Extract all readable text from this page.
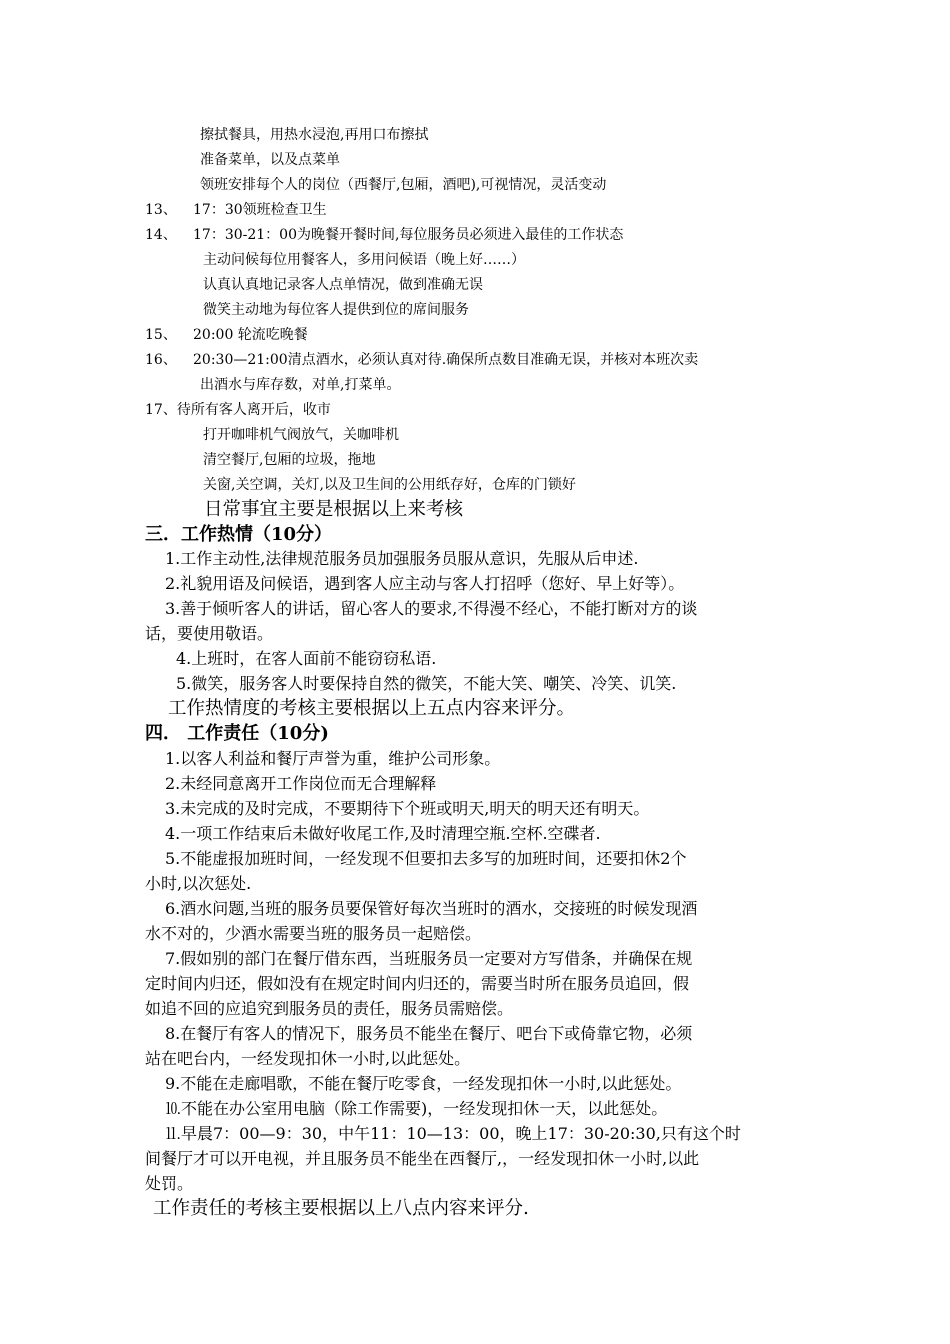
擦拭餐具，用热水浸泡,再用口布擦拭
准备菜单，以及点菜单
领班安排每个人的岗位（西餐厅,包厢，酒吧),可视情况，灵活变动
13、 17：30领班检查卫生
14、 17：30-21：00为晚餐开餐时间,每位服务员必须进入最佳的工作状态
主动问候每位用餐客人，多用问候语（晚上好……）
认真认真地记录客人点单情况，做到准确无误
微笑主动地为每位客人提供到位的席间服务
15、 20:00 轮流吃晚餐
16、 20:30—21:00清点酒水，必须认真对待.确保所点数目准确无误，并核对本班次卖
出酒水与库存数，对单,打菜单。
17、待所有客人离开后，收市
打开咖啡机气阀放气，关咖啡机
清空餐厅,包厢的垃圾，拖地
关窗,关空调，关灯,以及卫生间的公用纸存好，仓库的门锁好
日常事宜主要是根据以上来考核
三．工作热情（10分）
1.工作主动性,法律规范服务员加强服务员服从意识，先服从后申述.
2.礼貌用语及问候语，遇到客人应主动与客人打招呼（您好、早上好等）。
3.善于倾听客人的讲话，留心客人的要求,不得漫不经心，不能打断对方的谈
话，要使用敬语。
4.上班时，在客人面前不能窃窃私语.
5.微笑，服务客人时要保持自然的微笑，不能大笑、嘲笑、冷笑、讥笑.
工作热情度的考核主要根据以上五点内容来评分。
四． 工作责任（10分)
1.以客人利益和餐厅声誉为重，维护公司形象。
2.未经同意离开工作岗位而无合理解释
3.未完成的及时完成，不要期待下个班或明天,明天的明天还有明天。
4.一项工作结束后未做好收尾工作,及时清理空瓶.空杯.空碟者.
5.不能虚报加班时间，一经发现不但要扣去多写的加班时间，还要扣休2个
小时,以次惩处.
6.酒水问题,当班的服务员要保管好每次当班时的酒水，交接班的时候发现酒
水不对的，少酒水需要当班的服务员一起赔偿。
7.假如别的部门在餐厅借东西，当班服务员一定要对方写借条，并确保在规
定时间内归还，假如没有在规定时间内归还的，需要当时所在服务员追回，假
如追不回的应追究到服务员的责任，服务员需赔偿。
8.在餐厅有客人的情况下，服务员不能坐在餐厅、吧台下或倚靠它物，必须
站在吧台内，一经发现扣休一小时,以此惩处。
9.不能在走廊唱歌，不能在餐厅吃零食，一经发现扣休一小时,以此惩处。
⒑不能在办公室用电脑（除工作需要)，一经发现扣休一天，以此惩处。
⒒早晨7：00—9：30，中午11：10—13：00，晚上17：30-20:30,只有这个时
间餐厅才可以开电视，并且服务员不能坐在西餐厅,，一经发现扣休一小时,以此
处罚。
工作责任的考核主要根据以上八点内容来评分.
